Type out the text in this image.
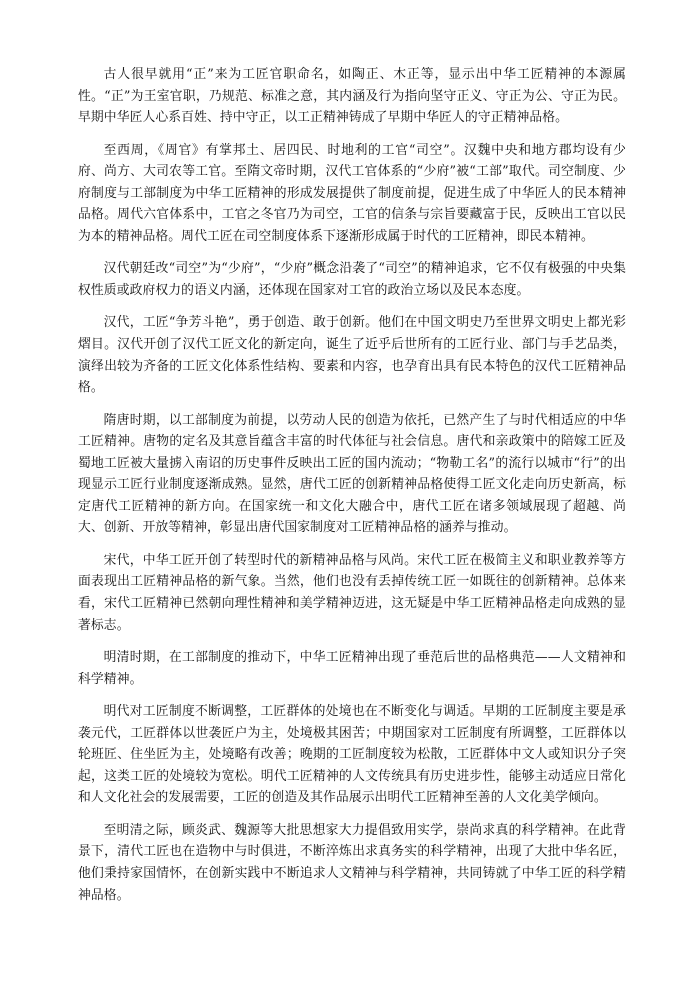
古人很早就用“正”来为工匠官职命名，如陶正、木正等，显示出中华工匠精神的本源属性。“正”为王室官职，乃规范、标准之意，其内涵及行为指向坚守正义、守正为公、守正为民。早期中华匠人心系百姓、持中守正，以工正精神铸成了早期中华匠人的守正精神品格。

至西周，《周官》有掌邦土、居四民、时地利的工官“司空”。汉魏中央和地方郡均设有少府、尚方、大司农等工官。至隋文帝时期，汉代工官体系的“少府”被“工部”取代。司空制度、少府制度与工部制度为中华工匠精神的形成发展提供了制度前提，促进生成了中华匠人的民本精神品格。周代六官体系中，工官之冬官乃为司空，工官的信条与宗旨要藏富于民，反映出工官以民为本的精神品格。周代工匠在司空制度体系下逐渐形成属于时代的工匠精神，即民本精神。

汉代朝廷改“司空”为“少府”，“少府”概念沿袭了“司空”的精神追求，它不仅有极强的中央集权性质或政府权力的语义内涵，还体现在国家对工官的政治立场以及民本态度。

汉代，工匠“争芳斗艳”，勇于创造、敢于创新。他们在中国文明史乃至世界文明史上都光彩熠目。汉代开创了汉代工匠文化的新定向，诞生了近乎后世所有的工匠行业、部门与手艺品类，演绎出较为齐备的工匠文化体系性结构、要素和内容，也孕育出具有民本特色的汉代工匠精神品格。

隋唐时期，以工部制度为前提，以劳动人民的创造为依托，已然产生了与时代相适应的中华工匠精神。唐物的定名及其意旨蕴含丰富的时代体征与社会信息。唐代和亲政策中的陪嫁工匠及蜀地工匠被大量掳入南诏的历史事件反映出工匠的国内流动；“物勒工名”的流行以城市“行”的出现显示工匠行业制度逐渐成熟。显然，唐代工匠的创新精神品格使得工匠文化走向历史新高，标定唐代工匠精神的新方向。在国家统一和文化大融合中，唐代工匠在诸多领域展现了超越、尚大、创新、开放等精神，彰显出唐代国家制度对工匠精神品格的涵养与推动。

宋代，中华工匠开创了转型时代的新精神品格与风尚。宋代工匠在极简主义和职业教养等方面表现出工匠精神品格的新气象。当然，他们也没有丢掉传统工匠一如既往的创新精神。总体来看，宋代工匠精神已然朝向理性精神和美学精神迈进，这无疑是中华工匠精神品格走向成熟的显著标志。

明清时期，在工部制度的推动下，中华工匠精神出现了垂范后世的品格典范——人文精神和科学精神。

明代对工匠制度不断调整，工匠群体的处境也在不断变化与调适。早期的工匠制度主要是承袭元代，工匠群体以世袭匠户为主，处境极其困苦；中期国家对工匠制度有所调整，工匠群体以轮班匠、住坐匠为主，处境略有改善；晚期的工匠制度较为松散，工匠群体中文人或知识分子突起，这类工匠的处境较为宽松。明代工匠精神的人文传统具有历史进步性，能够主动适应日常化和人文化社会的发展需要，工匠的创造及其作品展示出明代工匠精神至善的人文化美学倾向。

至明清之际，顾炎武、魏源等大批思想家大力提倡致用实学，崇尚求真的科学精神。在此背景下，清代工匠也在造物中与时俱进，不断淬炼出求真务实的科学精神，出现了大批中华名匠，他们秉持家国情怀，在创新实践中不断追求人文精神与科学精神，共同铸就了中华工匠的科学精神品格。
